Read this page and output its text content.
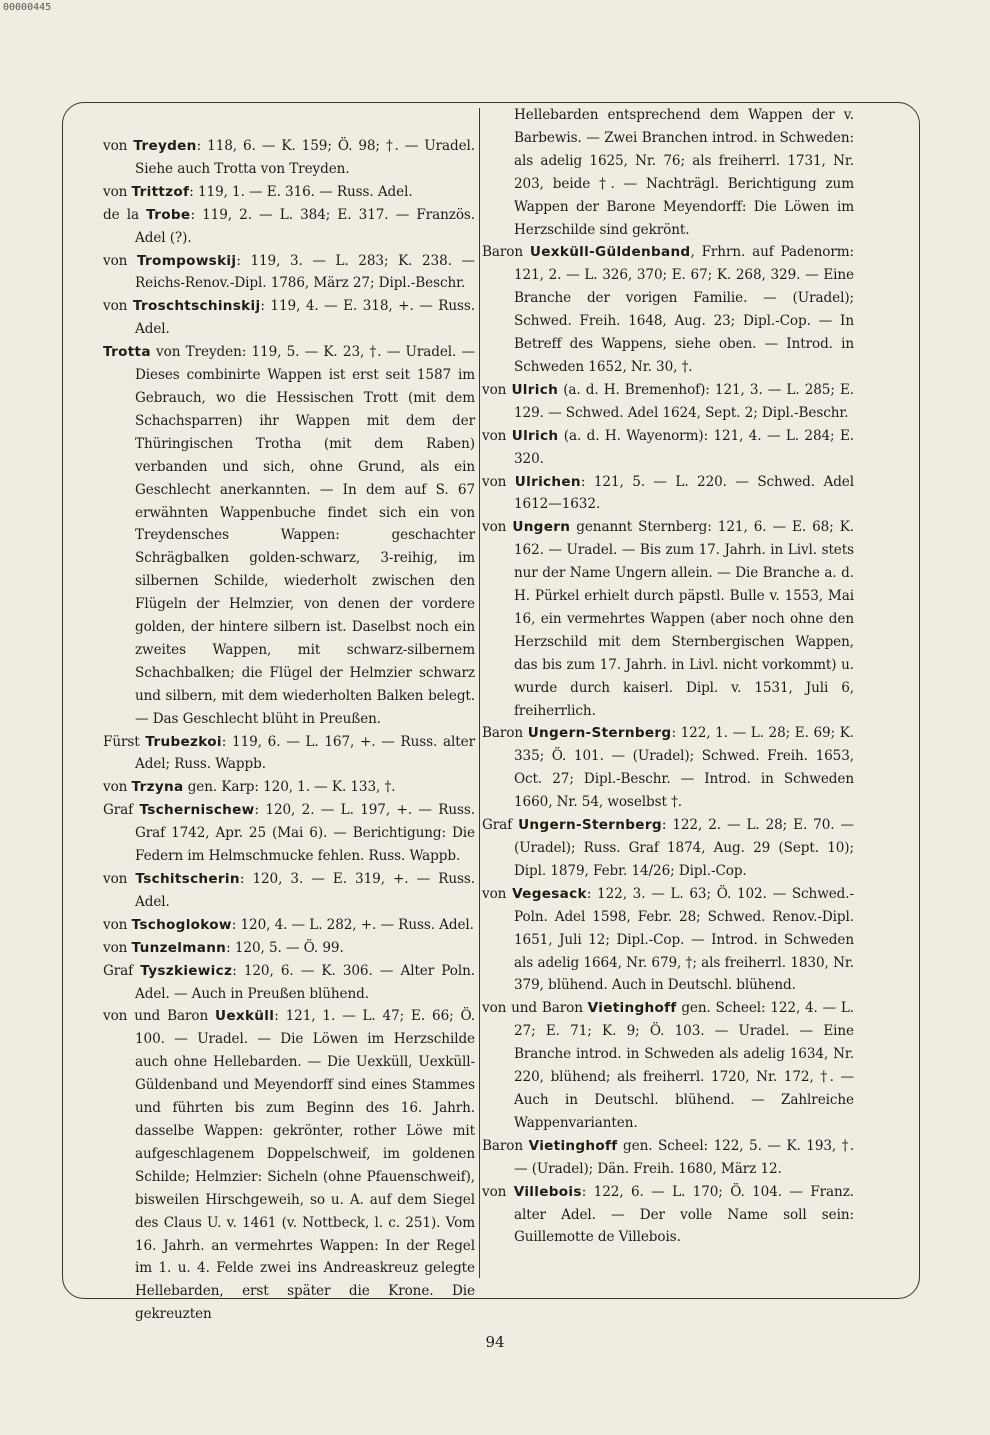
00000445
von Treyden: 118, 6. — K. 159; Ö. 98; †. — Uradel. Siehe auch Trotta von Treyden.
von Trittzof: 119, 1. — E. 316. — Russ. Adel.
de la Trobe: 119, 2. — L. 384; E. 317. — Französ. Adel (?).
von Trompowskij: 119, 3. — L. 283; K. 238. — Reichs-Renov.-Dipl. 1786, März 27; Dipl.-Beschr.
von Troschtschinskij: 119, 4. — E. 318, +. — Russ. Adel.
Trotta von Treyden: 119, 5. — K. 23, †. — Uradel. — Dieses combinirte Wappen ist erst seit 1587 im Gebrauch, wo die Hessischen Trott (mit dem Schachsparren) ihr Wappen mit dem der Thüringischen Trotha (mit dem Raben) verbanden und sich, ohne Grund, als ein Geschlecht anerkannten. — In dem auf S. 67 erwähnten Wappenbuche findet sich ein von Treydensches Wappen: geschachter Schrägbalken golden-schwarz, 3-reihig, im silbernen Schilde, wiederholt zwischen den Flügeln der Helmzier, von denen der vordere golden, der hintere silbern ist. Daselbst noch ein zweites Wappen, mit schwarz-silbernem Schachbalken; die Flügel der Helmzier schwarz und silbern, mit dem wiederholten Balken belegt. — Das Geschlecht blüht in Preußen.
Fürst Trubezkoi: 119, 6. — L. 167, +. — Russ. alter Adel; Russ. Wappb.
von Trzyna gen. Karp: 120, 1. — K. 133, †.
Graf Tschernischew: 120, 2. — L. 197, +. — Russ. Graf 1742, Apr. 25 (Mai 6). — Berichtigung: Die Federn im Helmschmucke fehlen. Russ. Wappb.
von Tschitscherin: 120, 3. — E. 319, +. — Russ. Adel.
von Tschoglokow: 120, 4. — L. 282, +. — Russ. Adel.
von Tunzelmann: 120, 5. — Ö. 99.
Graf Tyszkiewicz: 120, 6. — K. 306. — Alter Poln. Adel. — Auch in Preußen blühend.
von und Baron Uexküll: 121, 1. — L. 47; E. 66; Ö. 100. — Uradel. — Die Löwen im Herzschilde auch ohne Hellebarden. — Die Uexküll, Uexküll-Güldenband und Meyendorff sind eines Stammes und führten bis zum Beginn des 16. Jahrh. dasselbe Wappen: gekrönter, rother Löwe mit aufgeschlagenem Doppelschweif, im goldenen Schilde; Helmzier: Sicheln (ohne Pfauenschweif), bisweilen Hirschgeweih, so u. A. auf dem Siegel des Claus U. v. 1461 (v. Nottbeck, l. c. 251). Vom 16. Jahrh. an vermehrtes Wappen: In der Regel im 1. u. 4. Felde zwei ins Andreaskreuz gelegte Hellebarden, erst später die Krone. Die gekreuzten
Hellebarden entsprechend dem Wappen der v. Barbewis. — Zwei Branchen introd. in Schweden: als adelig 1625, Nr. 76; als freiherrl. 1731, Nr. 203, beide †. — Nachträgl. Berichtigung zum Wappen der Barone Meyendorff: Die Löwen im Herzschilde sind gekrönt.
Baron Uexküll-Güldenband, Frhrn. auf Padenorm: 121, 2. — L. 326, 370; E. 67; K. 268, 329. — Eine Branche der vorigen Familie. — (Uradel); Schwed. Freih. 1648, Aug. 23; Dipl.-Cop. — In Betreff des Wappens, siehe oben. — Introd. in Schweden 1652, Nr. 30, †.
von Ulrich (a. d. H. Bremenhof): 121, 3. — L. 285; E. 129. — Schwed. Adel 1624, Sept. 2; Dipl.-Beschr.
von Ulrich (a. d. H. Wayenorm): 121, 4. — L. 284; E. 320.
von Ulrichen: 121, 5. — L. 220. — Schwed. Adel 1612—1632.
von Ungern genannt Sternberg: 121, 6. — E. 68; K. 162. — Uradel. — Bis zum 17. Jahrh. in Livl. stets nur der Name Ungern allein. — Die Branche a. d. H. Pürkel erhielt durch päpstl. Bulle v. 1553, Mai 16, ein vermehrtes Wappen (aber noch ohne den Herzschild mit dem Sternbergischen Wappen, das bis zum 17. Jahrh. in Livl. nicht vorkommt) u. wurde durch kaiserl. Dipl. v. 1531, Juli 6, freiherrlich.
Baron Ungern-Sternberg: 122, 1. — L. 28; E. 69; K. 335; Ö. 101. — (Uradel); Schwed. Freih. 1653, Oct. 27; Dipl.-Beschr. — Introd. in Schweden 1660, Nr. 54, woselbst †.
Graf Ungern-Sternberg: 122, 2. — L. 28; E. 70. — (Uradel); Russ. Graf 1874, Aug. 29 (Sept. 10); Dipl. 1879, Febr. 14/26; Dipl.-Cop.
von Vegesack: 122, 3. — L. 63; Ö. 102. — Schwed.-Poln. Adel 1598, Febr. 28; Schwed. Renov.-Dipl. 1651, Juli 12; Dipl.-Cop. — Introd. in Schweden als adelig 1664, Nr. 679, †; als freiherrl. 1830, Nr. 379, blühend. Auch in Deutschl. blühend.
von und Baron Vietinghoff gen. Scheel: 122, 4. — L. 27; E. 71; K. 9; Ö. 103. — Uradel. — Eine Branche introd. in Schweden als adelig 1634, Nr. 220, blühend; als freiherrl. 1720, Nr. 172, †. — Auch in Deutschl. blühend. — Zahlreiche Wappenvarianten.
Baron Vietinghoff gen. Scheel: 122, 5. — K. 193, †. — (Uradel); Dän. Freih. 1680, März 12.
von Villebois: 122, 6. — L. 170; Ö. 104. — Franz. alter Adel. — Der volle Name soll sein: Guillemotte de Villebois.
94
